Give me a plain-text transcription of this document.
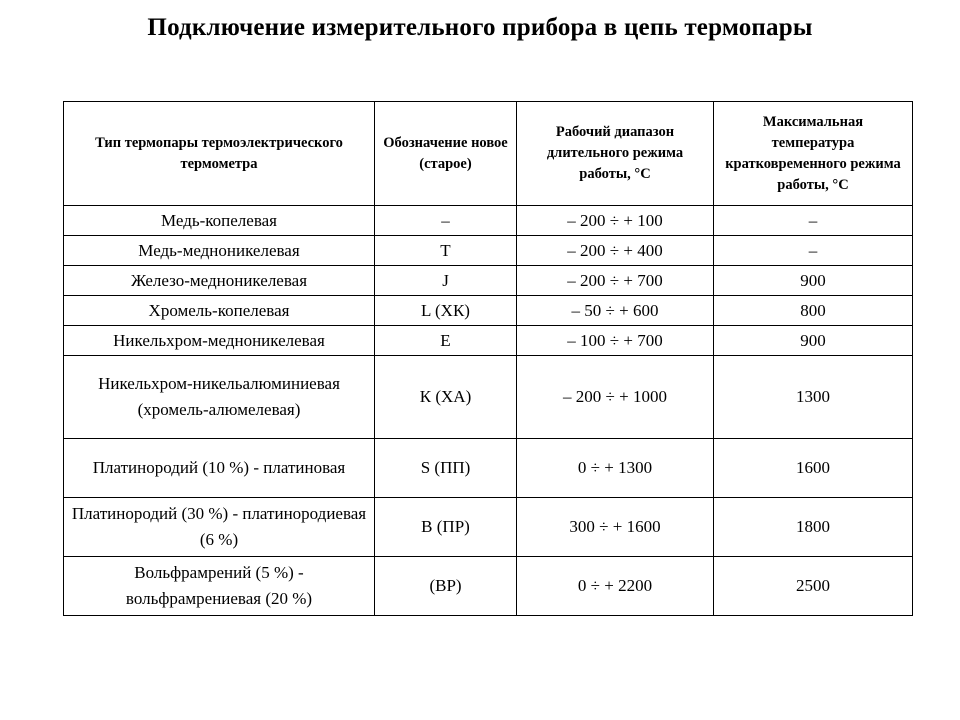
Подключение измерительного прибора в цепь термопары
Тип термопары термоэлектрического термометра	Обозначение новое (старое)	Рабочий диапазон длительного режима работы, °С	Максимальная температура кратковременного режима работы, °С
Медь-копелевая	–	– 200 ÷ + 100	–
Медь-медноникелевая	Т	– 200 ÷ + 400	–
Железо-медноникелевая	J	– 200 ÷ + 700	900
Хромель-копелевая	L (ХК)	– 50 ÷ + 600	800
Никельхром-медноникелевая	Е	– 100 ÷ + 700	900
Никельхром-никельалюминиевая (хромель-алюмелевая)	К (ХА)	– 200 ÷ + 1000	1300
Платинородий (10 %) - платиновая	S (ПП)	0 ÷ + 1300	1600
Платинородий (30 %) - платинородиевая (6 %)	В (ПР)	300 ÷ + 1600	1800
Вольфрамрений (5 %) - вольфрамрениевая (20 %)	(ВР)	0 ÷ + 2200	2500
